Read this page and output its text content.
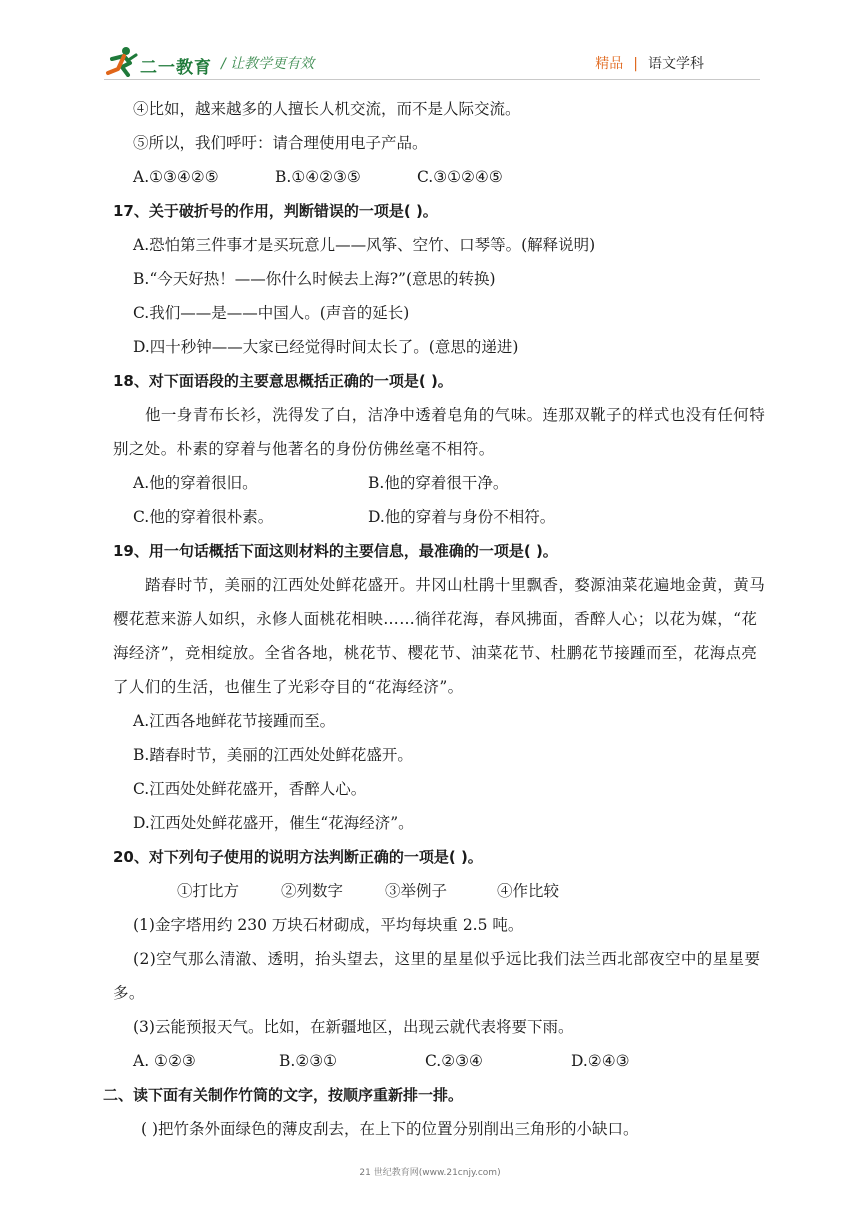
二一教育 / 让教学更有效	精品 | 语文学科
④比如，越来越多的人擅长人机交流，而不是人际交流。
⑤所以，我们呼吁：请合理使用电子产品。
A.①③④②⑤	B.①④②③⑤	C.③①②④⑤
17、关于破折号的作用，判断错误的一项是( )。
A.恐怕第三件事才是买玩意儿——风筝、空竹、口琴等。(解释说明)
B.“今天好热！——你什么时候去上海?”(意思的转换)
C.我们——是——中国人。(声音的延长)
D.四十秒钟——大家已经觉得时间太长了。(意思的递进)
18、对下面语段的主要意思概括正确的一项是( )。
他一身青布长衫，洗得发了白，洁净中透着皂角的气味。连那双靴子的样式也没有任何特别之处。朴素的穿着与他著名的身份仿佛丝毫不相符。
A.他的穿着很旧。	B.他的穿着很干净。
C.他的穿着很朴素。	D.他的穿着与身份不相符。
19、用一句话概括下面这则材料的主要信息，最准确的一项是( )。
踏春时节，美丽的江西处处鲜花盛开。井冈山杜鹃十里飘香，婺源油菜花遍地金黄，黄马樱花惹来游人如织，永修人面桃花相映……徜徉花海，春风拂面，香醉人心；以花为媒，“花海经济”，竞相绽放。全省各地，桃花节、樱花节、油菜花节、杜鹏花节接踵而至，花海点亮了人们的生活，也催生了光彩夺目的“花海经济”。
A.江西各地鲜花节接踵而至。
B.踏春时节，美丽的江西处处鲜花盛开。
C.江西处处鲜花盛开，香醉人心。
D.江西处处鲜花盛开，催生“花海经济”。
20、对下列句子使用的说明方法判断正确的一项是( )。
①打比方	②列数字	③举例子	④作比较
(1)金字塔用约 230 万块石材砌成，平均每块重 2.5 吨。
(2)空气那么清澈、透明，抬头望去，这里的星星似乎远比我们法兰西北部夜空中的星星要多。
(3)云能预报天气。比如，在新疆地区，出现云就代表将要下雨。
A. ①②③	B.②③①	C.②③④	D.②④③
二、读下面有关制作竹筒的文字，按顺序重新排一排。
( )把竹条外面绿色的薄皮刮去，在上下的位置分别削出三角形的小缺口。
21 世纪教育网(www.21cnjy.com)
